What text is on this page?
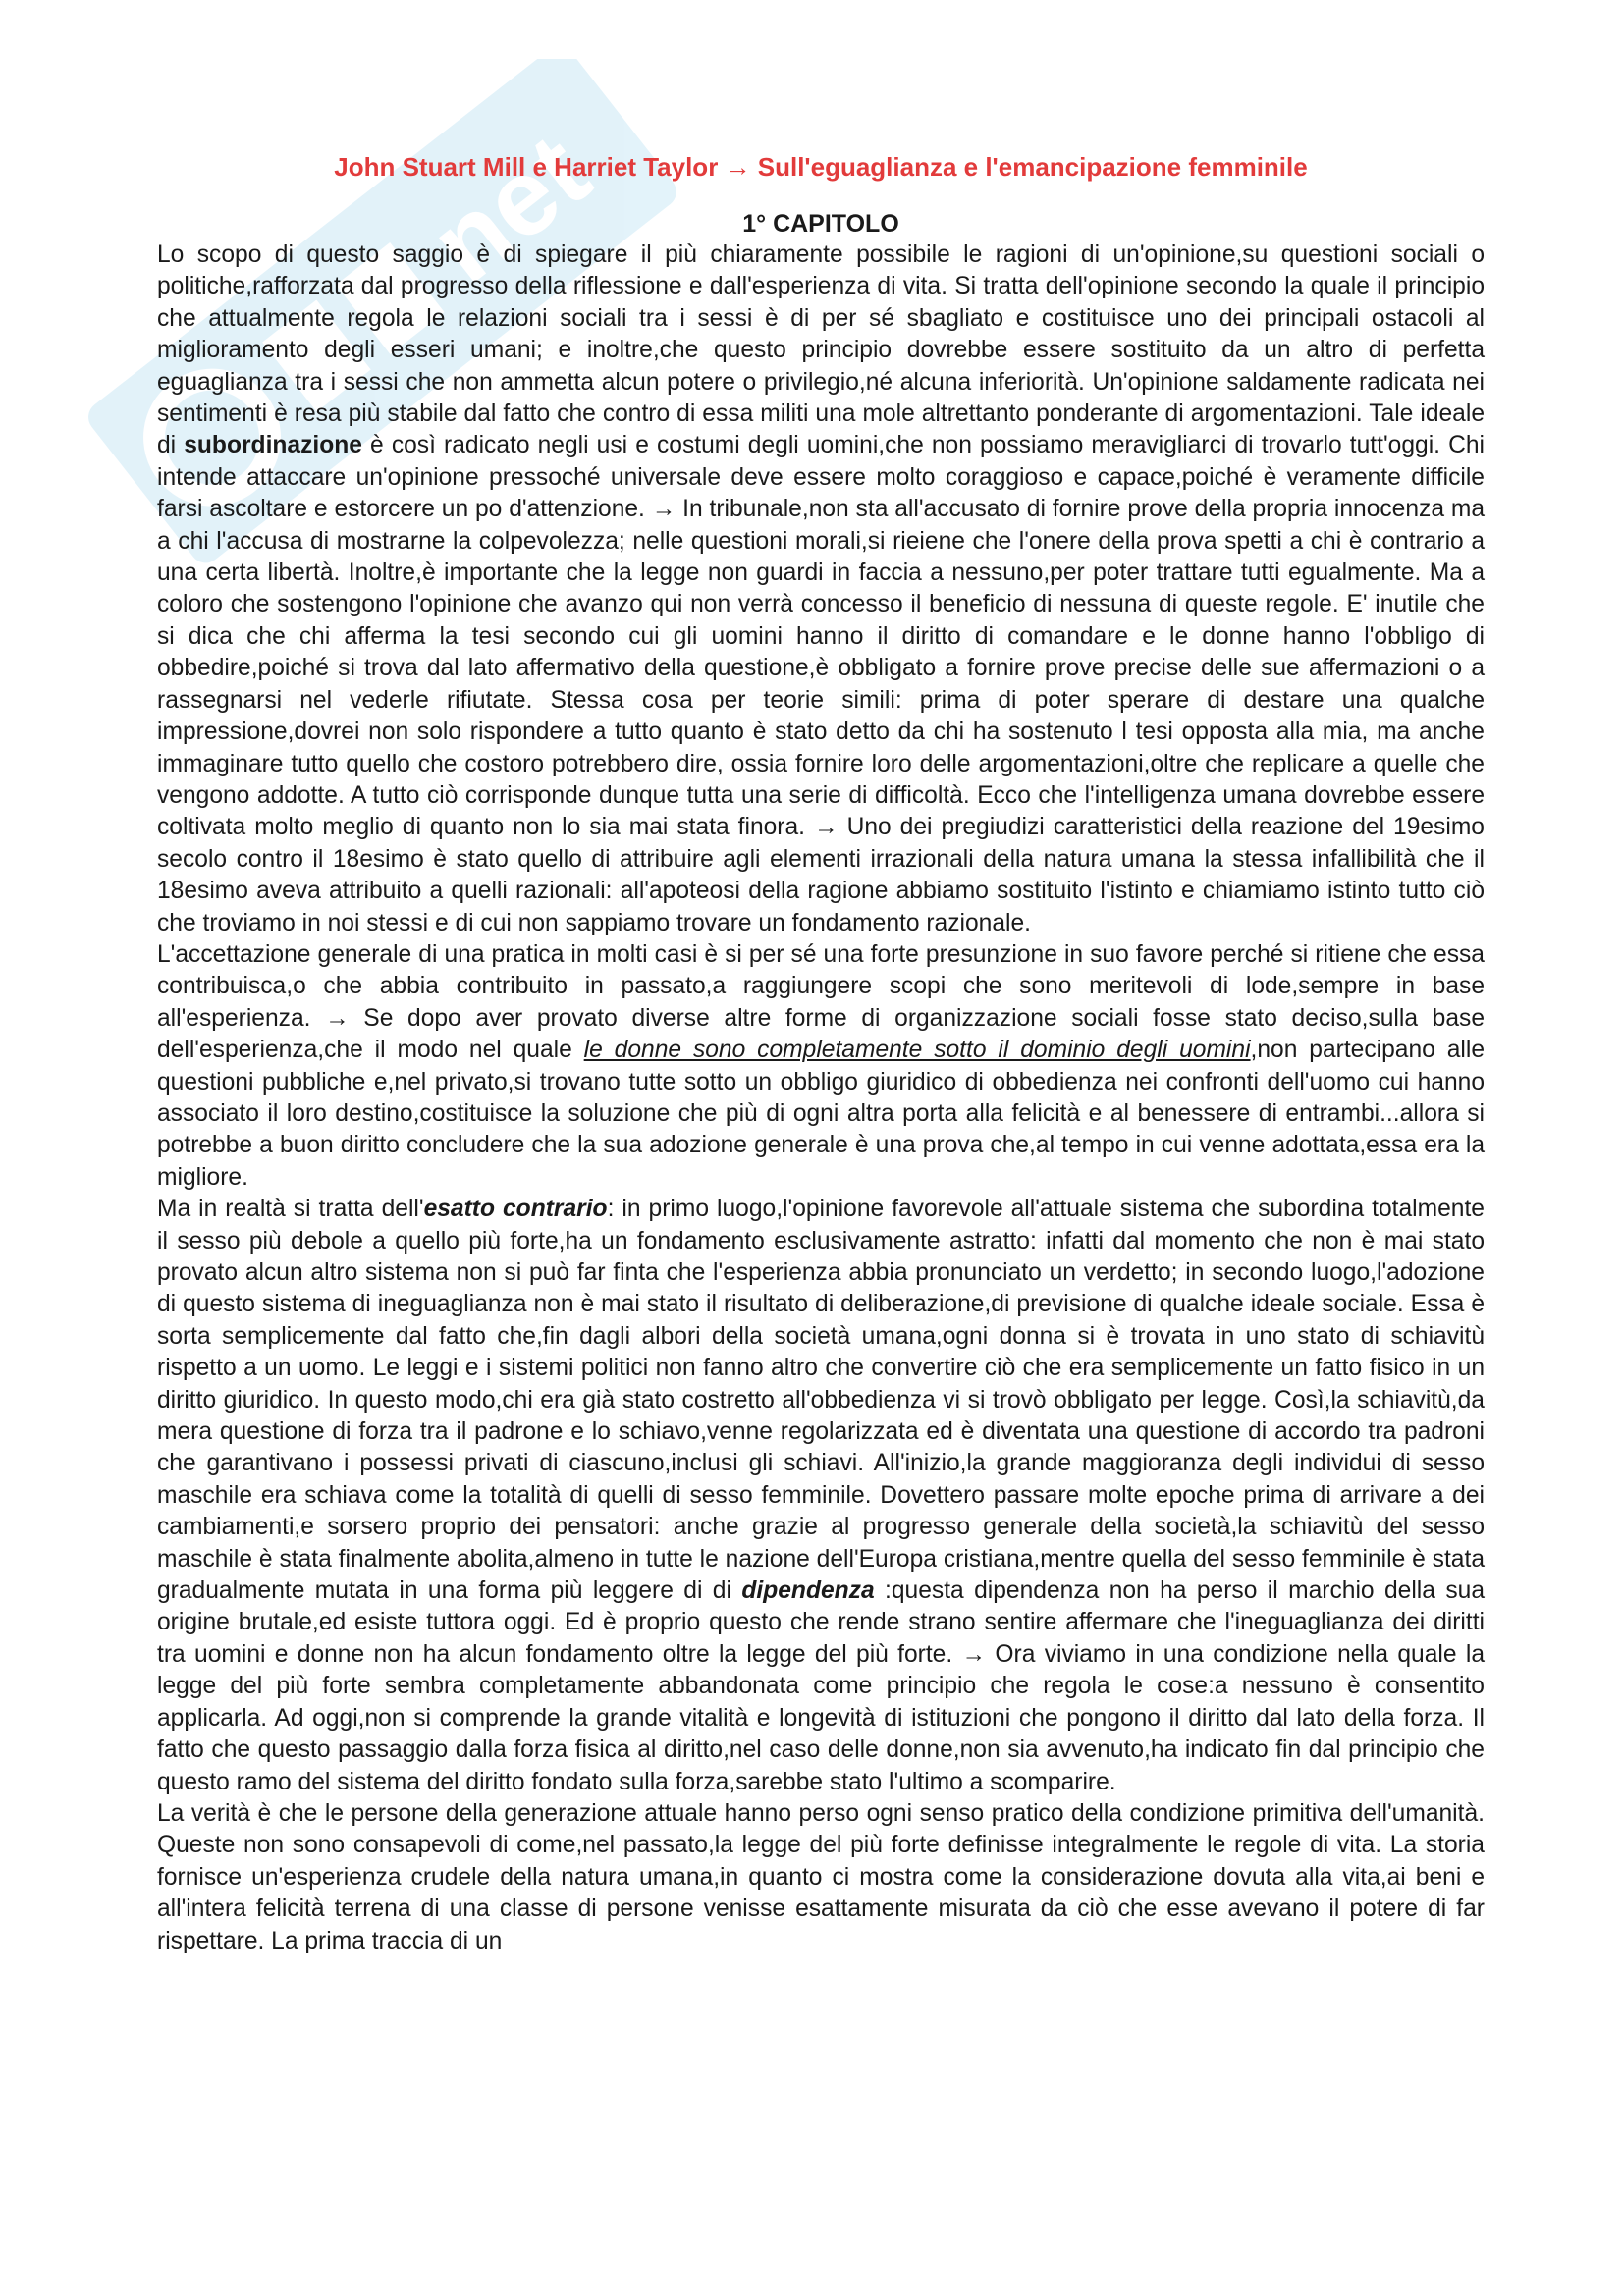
net
John Stuart Mill e Harriet Taylor → Sull'eguaglianza e l'emancipazione femminile
1° CAPITOLO

Lo scopo di questo saggio è di spiegare il più chiaramente possibile le ragioni di un'opinione,su questioni sociali o politiche,rafforzata dal progresso della riflessione e dall'esperienza di vita. Si tratta dell'opinione secondo la quale il principio che attualmente regola le relazioni sociali tra i sessi è di per sé sbagliato e costituisce uno dei principali ostacoli al miglioramento degli esseri umani; e inoltre,che questo principio dovrebbe essere sostituito da un altro di perfetta eguaglianza tra i sessi che non ammetta alcun potere o privilegio,né alcuna inferiorità. Un'opinione saldamente radicata nei sentimenti è resa più stabile dal fatto che contro di essa militi una mole altrettanto ponderante di argomentazioni. Tale ideale di subordinazione è così radicato negli usi e costumi degli uomini,che non possiamo meravigliarci di trovarlo tutt'oggi. Chi intende attaccare un'opinione pressoché universale deve essere molto coraggioso e capace,poiché è veramente difficile farsi ascoltare e estorcere un po d'attenzione. → In tribunale,non sta all'accusato di fornire prove della propria innocenza ma a chi l'accusa di mostrarne la colpevolezza; nelle questioni morali,si rieiene che l'onere della prova spetti a chi è contrario a una certa libertà. Inoltre,è importante che la legge non guardi in faccia a nessuno,per poter trattare tutti egualmente. Ma a coloro che sostengono l'opinione che avanzo qui non verrà concesso il beneficio di nessuna di queste regole. E' inutile che si dica che chi afferma la tesi secondo cui gli uomini hanno il diritto di comandare e le donne hanno l'obbligo di obbedire,poiché si trova dal lato affermativo della questione,è obbligato a fornire prove precise delle sue affermazioni o a rassegnarsi nel vederle rifiutate. Stessa cosa per teorie simili: prima di poter sperare di destare una qualche impressione,dovrei non solo rispondere a tutto quanto è stato detto da chi ha sostenuto l tesi opposta alla mia, ma anche immaginare tutto quello che costoro potrebbero dire, ossia fornire loro delle argomentazioni,oltre che replicare a quelle che vengono addotte. A tutto ciò corrisponde dunque tutta una serie di difficoltà. Ecco che l'intelligenza umana dovrebbe essere coltivata molto meglio di quanto non lo sia mai stata finora. → Uno dei pregiudizi caratteristici della reazione del 19esimo secolo contro il 18esimo è stato quello di attribuire agli elementi irrazionali della natura umana la stessa infallibilità che il 18esimo aveva attribuito a quelli razionali: all'apoteosi della ragione abbiamo sostituito l'istinto e chiamiamo istinto tutto ciò che troviamo in noi stessi e di cui non sappiamo trovare un fondamento razionale.

L'accettazione generale di una pratica in molti casi è si per sé una forte presunzione in suo favore perché si ritiene che essa contribuisca,o che abbia contribuito in passato,a raggiungere scopi che sono meritevoli di lode,sempre in base all'esperienza. → Se dopo aver provato diverse altre forme di organizzazione sociali fosse stato deciso,sulla base dell'esperienza,che il modo nel quale le donne sono completamente sotto il dominio degli uomini,non partecipano alle questioni pubbliche e,nel privato,si trovano tutte sotto un obbligo giuridico di obbedienza nei confronti dell'uomo cui hanno associato il loro destino,costituisce la soluzione che più di ogni altra porta alla felicità e al benessere di entrambi...allora si potrebbe a buon diritto concludere che la sua adozione generale è una prova che,al tempo in cui venne adottata,essa era la migliore.

Ma in realtà si tratta dell'esatto contrario: in primo luogo,l'opinione favorevole all'attuale sistema che subordina totalmente il sesso più debole a quello più forte,ha un fondamento esclusivamente astratto: infatti dal momento che non è mai stato provato alcun altro sistema non si può far finta che l'esperienza abbia pronunciato un verdetto; in secondo luogo,l'adozione di questo sistema di ineguaglianza non è mai stato il risultato di deliberazione,di previsione di qualche ideale sociale. Essa è sorta semplicemente dal fatto che,fin dagli albori della società umana,ogni donna si è trovata in uno stato di schiavitù rispetto a un uomo. Le leggi e i sistemi politici non fanno altro che convertire ciò che era semplicemente un fatto fisico in un diritto giuridico. In questo modo,chi era già stato costretto all'obbedienza vi si trovò obbligato per legge. Così,la schiavitù,da mera questione di forza tra il padrone e lo schiavo,venne regolarizzata ed è diventata una questione di accordo tra padroni che garantivano i possessi privati di ciascuno,inclusi gli schiavi. All'inizio,la grande maggioranza degli individui di sesso maschile era schiava come la totalità di quelli di sesso femminile. Dovettero passare molte epoche prima di arrivare a dei cambiamenti,e sorsero proprio dei pensatori: anche grazie al progresso generale della società,la schiavitù del sesso maschile è stata finalmente abolita,almeno in tutte le nazione dell'Europa cristiana,mentre quella del sesso femminile è stata gradualmente mutata in una forma più leggere di di dipendenza :questa dipendenza non ha perso il marchio della sua origine brutale,ed esiste tuttora oggi. Ed è proprio questo che rende strano sentire affermare che l'ineguaglianza dei diritti tra uomini e donne non ha alcun fondamento oltre la legge del più forte. → Ora viviamo in una condizione nella quale la legge del più forte sembra completamente abbandonata come principio che regola le cose:a nessuno è consentito applicarla. Ad oggi,non si comprende la grande vitalità e longevità di istituzioni che pongono il diritto dal lato della forza. Il fatto che questo passaggio dalla forza fisica al diritto,nel caso delle donne,non sia avvenuto,ha indicato fin dal principio che questo ramo del sistema del diritto fondato sulla forza,sarebbe stato l'ultimo a scomparire.

La verità è che le persone della generazione attuale hanno perso ogni senso pratico della condizione primitiva dell'umanità. Queste non sono consapevoli di come,nel passato,la legge del più forte definisse integralmente le regole di vita. La storia fornisce un'esperienza crudele della natura umana,in quanto ci mostra come la considerazione dovuta alla vita,ai beni e all'intera felicità terrena di una classe di persone venisse esattamente misurata da ciò che esse avevano il potere di far rispettare. La prima traccia di un
